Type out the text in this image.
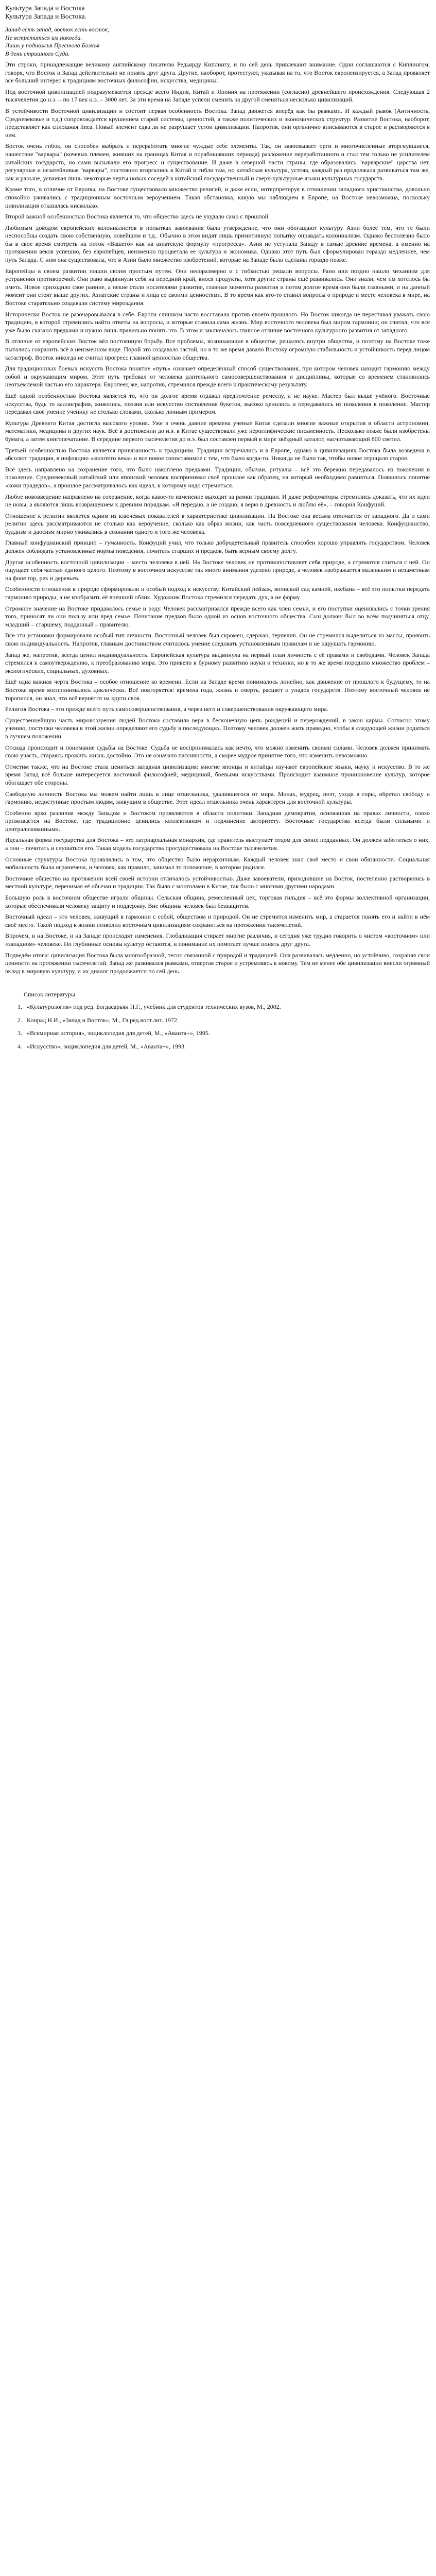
Культура Запада и Востока
Культура Запада и Востока.
Запад есть запад, восток есть восток,
Не встретиться им никогда.
Лишь у подножья Престола Божья
В день страшного Суда.

Эти строки, принадлежащие великому английскому писателю Редьярду Киплингу, и по сей день привлекают внимание. Одни соглашаются с Киплингом, говоря, что Восток и Запад действительно не понять друг друга. Другие, наоборот, протестуют, указывая на то, что Восток европеизируется, а Запад проявляет все больший интерес к традициям восточных философии, искусства, медицины.

Под восточной цивилизацией подразумевается прежде всего Индия, Китай и Япония на протяжении (согласно) древнейшего происхождения. Следующая 2 тысячелетия до н.э. – по 17 век н.э. – 3000 лет. За эти время на Западе успели сменить за другой сменяться несколько цивилизаций.

В устойчивости Восточной цивилизации и состоит первая особенность Востока. Запад движется вперёд как бы рывками. И каждый рывок (Античность, Средневековье и т.д.) сопровождается крушением старой системы, ценностей, а также политических и экономических структур. Развитие Востока, наоборот, представляет как сплошная linea. Новый элемент едва ли не разрушает устои цивилизации. Напротив, они органично вписываются в старое и растворяются в нем.

Восток очень гибок, он способен выбрать и переработать многие чуждые себе элементы. Так, он завоевывает орги и многочисленные вторгнувшиеся, нашествие "варвары" (кочевых племен, живших на границах Китая и порабощавших периода) разложение переработанного и стал тем только не усилителем китайских государств, но сами вызывали его прогресс и существование. И даже в северной части страны, где образовались "варварские" царства нет, регулярные и незатейливые "варвары", постоянно вторгались в Китай и гибли там, но китайская культура, устояв, каждый раз продолжала развиваться там же, как и раньше, усваивая лишь некоторые черты новых соседей в китайский государственный и сверх-культурные языки культурных государств.

Кроме того, в отличие от Европы, на Востоке существовало множество религий, и даже если, интерпретируя в отношении западного христианства, довольно спокойно уживались с традиционным восточным вероучением. Такая обстановка, какую мы наблюдаем в Европе, на Востоке невозможна, поскольку цивилизация отказалась нисколько.

Второй важной особенностью Востока является то, что общество здесь не ухудало само с прошлой.

Любимым доводом европейских колониалистов в попытках завоевания была утверждение, что они обогащают культуру Азии более тем, что те были неспособны создать свою собственную, новейшим и т.д.. Обычно в этом видят лишь примитивную попытку оправдать колониализм. Однако бесполезно было бы в свое время смотреть на поток «Вашего» как на азиатскую формулу «прогресса». Азия не уступала Западу в самые древние времена, а именно на протяжении веков успешно, без европейцев, неизменно процветала ее культура и экономика. Однако этот путь был сформулирован гораздо медленнее, чем путь Запада. С ним она существовала, что в Азии было множество изобретений, которые на Западе были сделаны гораздо позже.

Европейцы в своем развитии пошли своим простым путем. Они несоразмерно и с гибкостью решали вопросы. Рано или поздно нашли механизм для устранения противоречий. Они рано выдвинули себя на передний край, внося продукты, хотя другие страны ещё развивались. Они знали, чем им хотелось бы иметь. Новое приходило свое ранние, а некие стали носителями развития, главные моменты развития и потом долгое время они были главными, и на данный момент они стоят выше других. Азиатские страны и лица со своими ценностями. В то время как кто-то ставил вопросы о природе и месте человека в мире, на Востоке старательно создавали систему мироздания.

Исторически Восток не разочаровывался в себе. Европа слишком часто восставала против своего прошлого. Но Восток никогда не переставал уважать свою традицию, в которой стремились найти ответы на вопросы, и которые ставила сама жизнь. Мир восточного человека был миром гармонии; он считал, что всё уже было сказано предками и нужно лишь правильно понять это. В этом и заключалось главное отличие восточного культурного развития от западного.

В отличие от европейских Восток вёл постоянную борьбу. Все проблемы, возникающие в обществе, решались внутри общества, и поэтому на Востоке тоже пытались сохранить всё в неизменном виде. Порой это создавало застой, но в то же время давало Востоку огромную стабильность и устойчивость перед лицом катастроф. Восток никогда не считал прогресс главной ценностью общества.

Для традиционных боевых искусств Востока понятие «путь» означает определённый способ существования, при котором человек находит гармонию между собой и окружающим миром. Этот путь требовал от человека длительного самосовершенствования и дисциплины, которые со временем становились неотъемлемой частью его характера. Европеец же, напротив, стремился прежде всего к практическому результату.

Ещё одной особенностью Востока является то, что он долгое время отдавал предпочтение ремеслу, а не науке. Мастер был выше учёного. Восточные искусства, будь то каллиграфия, живопись, поэзия или искусство составления букетов, высоко ценились и передавались из поколения в поколение. Мастер передавал своё умение ученику не столько словами, сколько личным примером.

Культура Древнего Китая достигла высокого уровня. Уже в очень давние времена ученые Китая сделали многие важные открытия в области астрономии, математики, медицины и других наук. Всё в достижении до н.э. в Китае существовали уже иероглифические письменность. Несколько позже были изобретены бумага, а затем книгопечатание. В середине первого тысячелетия до н.э. был составлен первый в мире звёздный каталог, насчитывающий 800 светил.

Третьей особенностью Востока является привязанность к традициям. Традиции встречались и в Европе, однако в цивилизациях Востока была возведена в абсолют традиция, в инфляцию «золотого века» и все новое сопоставимое с тем, что было когда-то. Никогда не было так, чтобы новое отрицало старое.

Всё здесь направлено на сохранение того, что было накоплено предками. Традиции, обычаи, ритуалы – всё это бережно передавалось из поколения в поколение. Средневековый китайский или японский человек воспринимал своё прошлое как образец, на который необходимо равняться. Появилось понятие «кожи прадедов», а прошлое рассматривалось как идеал, к которому надо стремиться.

Любое нововведение направлено на сохранение, когда какое-то изменение выходит за рамки традиции. И даже реформаторы стремились доказать, что их идеи не новы, а являются лишь возвращением к древним порядкам. «Я передаю, а не создаю; я верю в древность и люблю её», – говорил Конфуций.

Отношение к религии является одним из ключевых показателей в характеристике цивилизации. На Востоке она весьма отличается от западного. Да и сами религии здесь рассматриваются не столько как вероучение, сколько как образ жизни, как часть повседневного существования человека. Конфуцианство, буддизм и даосизм мирно уживались в сознании одного и того же человека.

Главный конфуцианский принцип – гуманность. Конфуций учил, что только добродетельный правитель способен хорошо управлять государством. Человек должен соблюдать установленные нормы поведения, почитать старших и предков, быть верным своему долгу.

Другая особенность восточной цивилизации – место человека в ней. На Востоке человек не противопоставляет себя природе, а стремится слиться с ней. Он ощущает себя частью единого целого. Поэтому в восточном искусстве так много внимания уделено природе, а человек изображается маленьким и незаметным на фоне гор, рек и деревьев.

Особенности отношения к природе сформировали и особый подход к искусству. Китайский пейзаж, японский сад камней, икебана – всё это попытки передать гармонию природы, а не изобразить её внешний облик. Художник Востока стремился передать дух, а не форму.

Огромное значение на Востоке придавалось семье и роду. Человек рассматривался прежде всего как член семьи, и его поступки оценивались с точки зрения того, приносят ли они пользу или вред семье. Почитание предков было одной из основ восточного общества. Сын должен был во всём подчиняться отцу, младший – старшему, подданный – правителю.

Все эти установки формировали особый тип личности. Восточный человек был скромен, сдержан, терпелив. Он не стремился выделиться из массы, проявить свою индивидуальность. Напротив, главным достоинством считалось умение следовать установленным правилам и не нарушать гармонию.

Запад же, напротив, всегда ценил индивидуальность. Европейская культура выдвинула на первый план личность с её правами и свободами. Человек Запада стремился к самоутверждению, к преобразованию мира. Это привело к бурному развитию науки и техники, но в то же время породило множество проблем – экологических, социальных, духовных.

Ещё одна важная черта Востока – особое отношение ко времени. Если на Западе время понималось линейно, как движение от прошлого к будущему, то на Востоке время воспринималось циклически. Всё повторяется: времена года, жизнь и смерть, расцвет и упадок государств. Поэтому восточный человек не торопился, он знал, что всё вернётся на круги своя.

Религия Востока – это прежде всего путь самосовершенствования, а через него и совершенствования окружающего мира.

Существеннейшую часть мировоззрения людей Востока составила вера в бесконечную цепь рождений и перерождений, в закон кармы. Согласно этому учению, поступки человека в этой жизни определяют его судьбу в последующих. Поэтому человек должен жить праведно, чтобы в следующей жизни родиться в лучшем положении.

Отсюда происходит и понимание судьбы на Востоке. Судьба не воспринималась как нечто, что можно изменить своими силами. Человек должен принимать свою участь, стараясь прожить жизнь достойно. Это не означало пассивности, а скорее мудрое принятие того, что изменить невозможно.

Отметим также, что на Востоке стала цениться западная цивилизация: многие японцы и китайцы изучают европейские языки, науку и искусство. В то же время Запад всё больше интересуется восточной философией, медициной, боевыми искусствами. Происходит взаимное проникновение культур, которое обогащает обе стороны.

Свободную личность Востока мы можем найти лишь в лице отшельника, удалившегося от мира. Монах, мудрец, поэт, уходя в горы, обретал свободу и гармонию, недоступные простым людям, живущим в обществе. Этот идеал отшельника очень характерен для восточной культуры.

Особенно ярко различия между Западом и Востоком проявляются в области политики. Западная демократия, основанная на правах личности, плохо приживается на Востоке, где традиционно ценились коллективизм и подчинение авторитету. Восточные государства всегда были сильными и централизованными.

Идеальная форма государства для Востока – это патриархальная монархия, где правитель выступает отцом для своих подданных. Он должен заботиться о них, а они – почитать и слушаться его. Такая модель государства просуществовала на Востоке тысячелетия.

Основные структуры Востока проявлялись в том, что общество было иерархичным. Каждый человек знал своё место и свои обязанности. Социальная мобильность была ограничена, и человек, как правило, занимал то положение, в котором родился.

Восточное общество на протяжении всей своей истории отличалось устойчивостью. Даже завоеватели, приходившие на Восток, постепенно растворялись в местной культуре, перенимая её обычаи и традиции. Так было с монголами в Китае, так было с многими другими народами.

Большую роль в восточном обществе играли общины. Сельская община, ремесленный цех, торговая гильдия – всё это формы коллективной организации, которые обеспечивали человеку защиту и поддержку. Вне общины человек был беззащитен.

Восточный идеал – это человек, живущий в гармонии с собой, обществом и природой. Он не стремится изменить мир, а старается понять его и найти в нём своё место. Такой подход к жизни позволил восточным цивилизациям сохраниться на протяжении тысячелетий.

Впрочем, и на Востоке, и на Западе происходят изменения. Глобализация стирает многие различия, и сегодня уже трудно говорить о чистом «восточном» или «западном» человеке. Но глубинные основы культур остаются, и понимание их помогает лучше понять друг друга.

Подведём итоги: цивилизация Востока была многообразной, тесно связанной с природой и традицией. Она развивалась медленно, но устойчиво, сохраняя свои ценности на протяжении тысячелетий. Запад же развивался рывками, отвергая старое и устремляясь к новому. Тем не менее обе цивилизации внесли огромный вклад в мировую культуру, и их диалог продолжается по сей день.

Список литературы
1. «Культурология» под ред. Богдасарьян Н.Г., учебник для студентов технических вузов, М., 2002.
2. Конрад Н.И., «Запад и Восток», М., Гл.ред.вост.лит.,1972.
3. «Всемирная история», энциклопедия для детей, М., «Аванта+», 1995.
4. «Искусство», энциклопедия для детей, М., «Аванта+», 1993.
